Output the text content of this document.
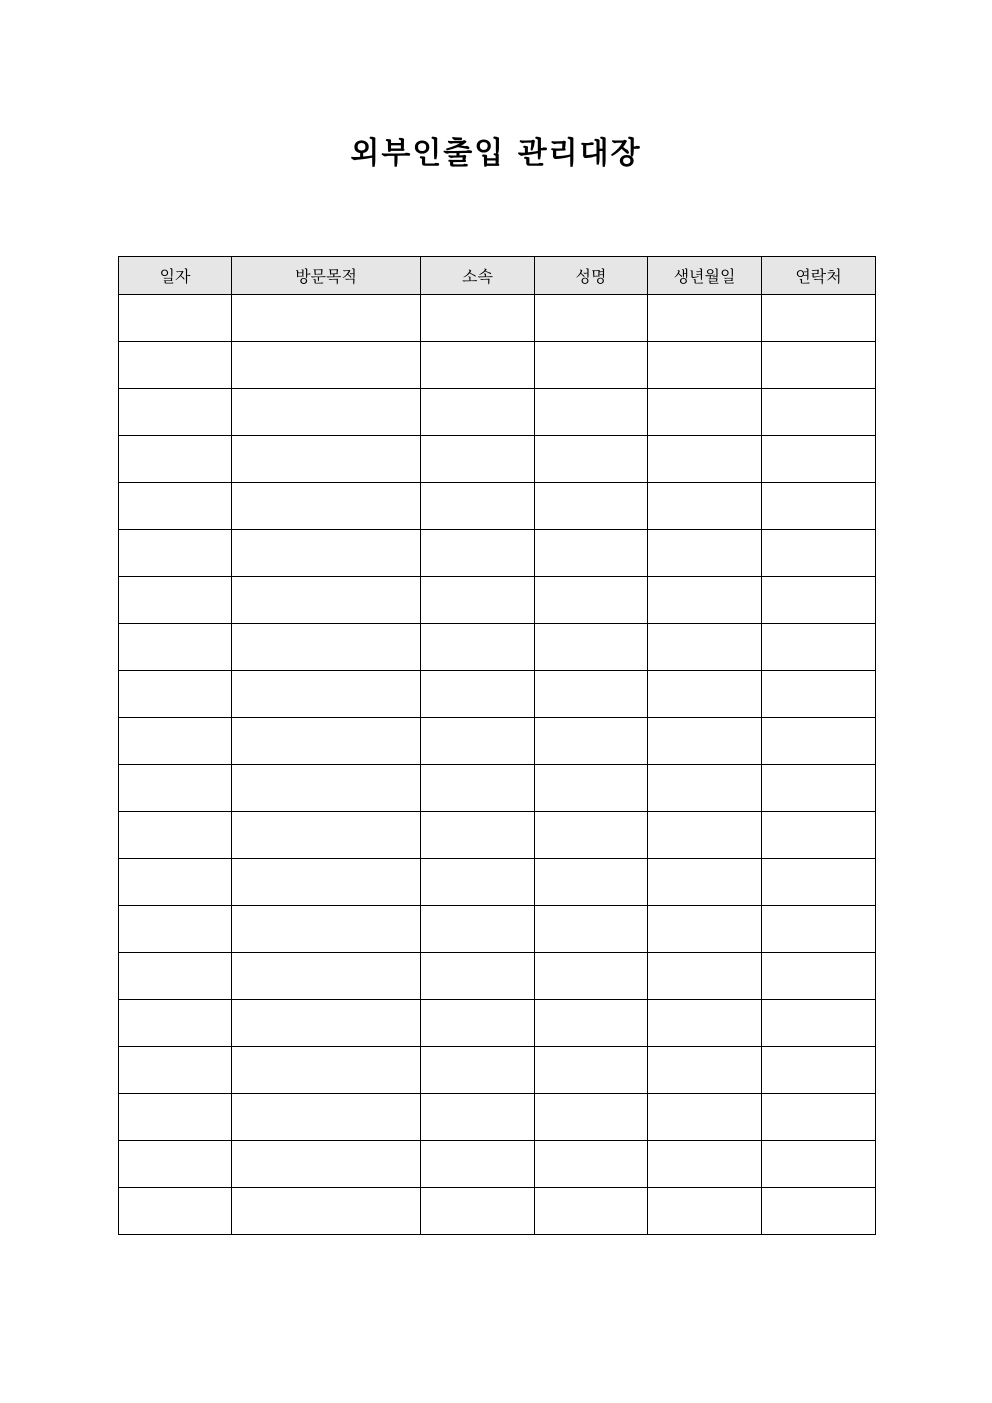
외부인출입 관리대장
일자	방문목적	소속	성명	생년월일	연락처
